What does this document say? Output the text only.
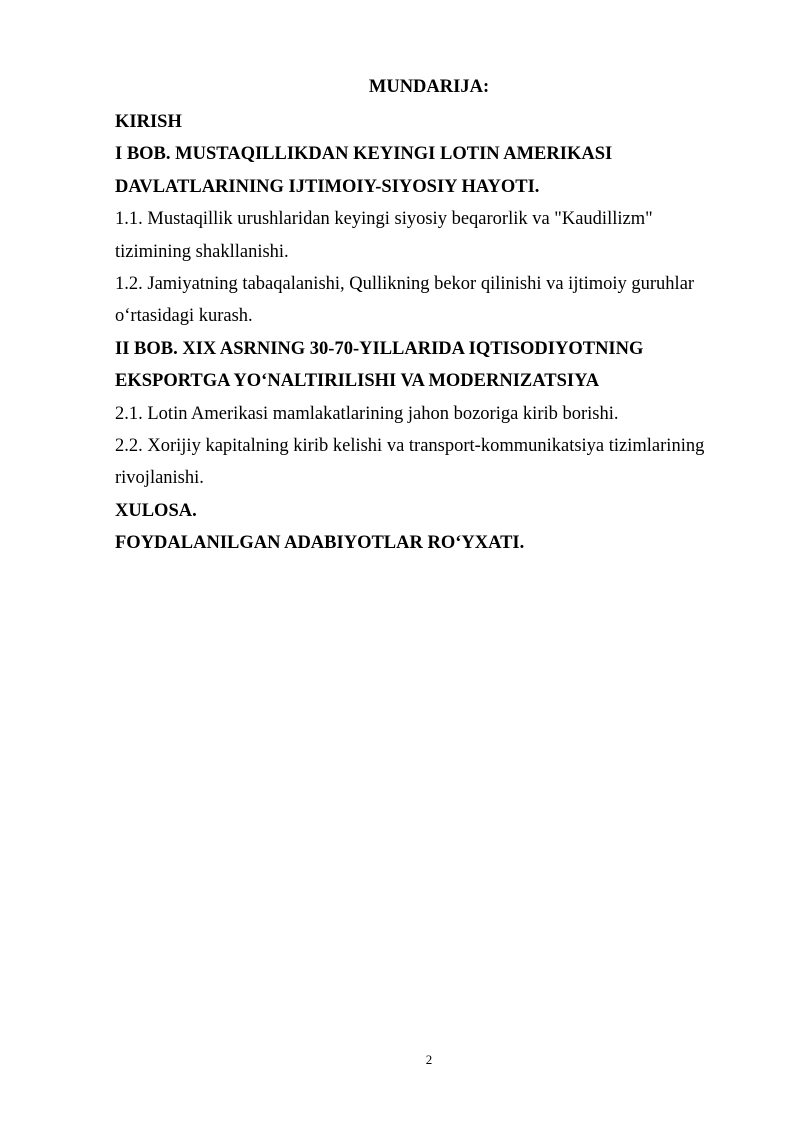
MUNDARIJA:

KIRISH

I BOB. MUSTAQILLIKDAN KEYINGI LOTIN AMERIKASI DAVLATLARINING IJTIMOIY-SIYOSIY HAYOTI.

1.1. Mustaqillik urushlaridan keyingi siyosiy beqarorlik va "Kaudillizm" tizimining shakllanishi.

1.2. Jamiyatning tabaqalanishi, Qullikning bekor qilinishi va ijtimoiy guruhlar o‘rtasidagi kurash.

II BOB. XIX ASRNING 30-70-YILLARIDA IQTISODIYOTNING EKSPORTGA YO‘NALTIRILISHI VA MODERNIZATSIYA

2.1. Lotin Amerikasi mamlakatlarining jahon bozoriga kirib borishi.

2.2. Xorijiy kapitalning kirib kelishi va transport-kommunikatsiya tizimlarining rivojlanishi.

XULOSA.

FOYDALANILGAN ADABIYOTLAR RO‘YXATI.

2
